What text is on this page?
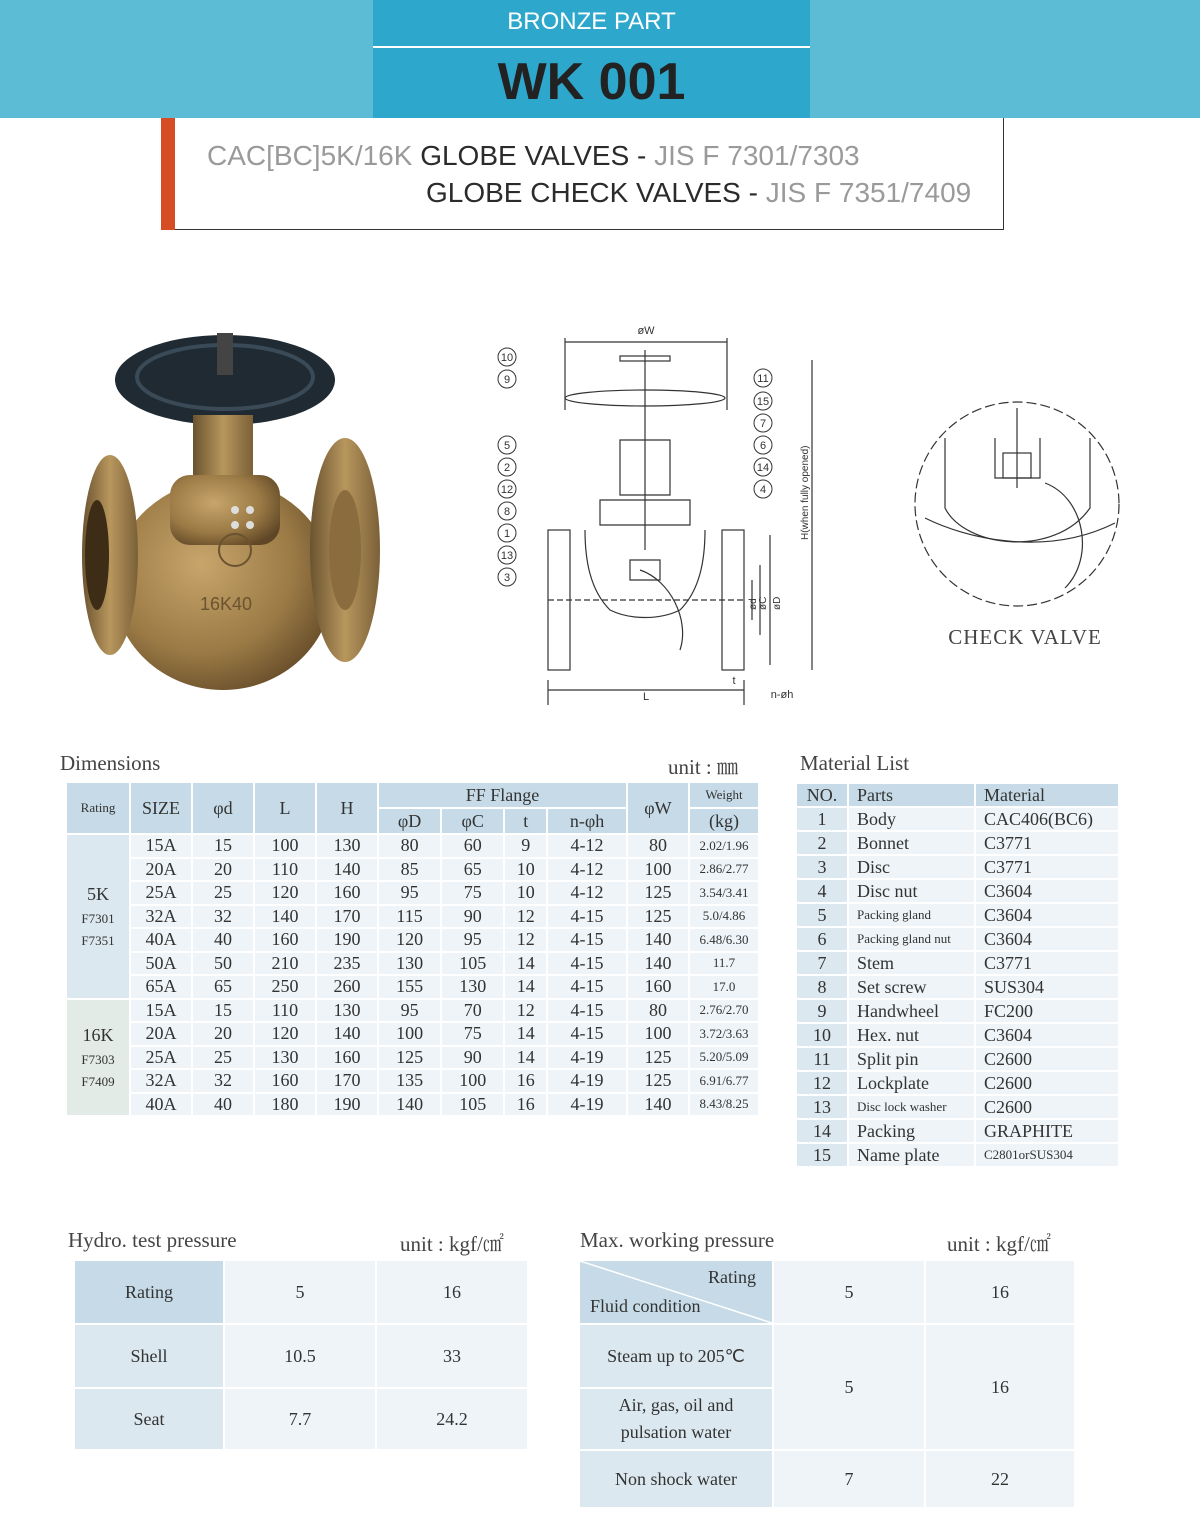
BRONZE PART
WK 001
CAC[BC]5K/16K GLOBE VALVES - JIS F 7301/7303
GLOBE CHECK VALVES - JIS F 7351/7409
16K40
10
9
5
2
12
8
1
13
3
11
15
7
6
14
4
øW
L
t
n-øh
H(when fully opened)
ød øC øD
CHECK VALVE
Dimensions	unit : ㎜
Rating	SIZE	φd	L	H	FF Flange				φW	Weight
					φD	φC	t	n-φh		(kg)

5K
F7301
F7351	15A	15	100	130	80	60	9	4-12	80	2.02/1.96
	20A	20	110	140	85	65	10	4-12	100	2.86/2.77
	25A	25	120	160	95	75	10	4-12	125	3.54/3.41
	32A	32	140	170	115	90	12	4-15	125	5.0/4.86
	40A	40	160	190	120	95	12	4-15	140	6.48/6.30
	50A	50	210	235	130	105	14	4-15	140	11.7
	65A	65	250	260	155	130	14	4-15	160	17.0

16K
F7303
F7409	15A	15	110	130	95	70	12	4-15	80	2.76/2.70
	20A	20	120	140	100	75	14	4-15	100	3.72/3.63
	25A	25	130	160	125	90	14	4-19	125	5.20/5.09
	32A	32	160	170	135	100	16	4-19	125	6.91/6.77
	40A	40	180	190	140	105	16	4-19	140	8.43/8.25
Material List
NO.	Parts	Material
1	Body	CAC406(BC6)
2	Bonnet	C3771
3	Disc	C3771
4	Disc nut	C3604
5	Packing gland	C3604
6	Packing gland nut	C3604
7	Stem	C3771
8	Set screw	SUS304
9	Handwheel	FC200
10	Hex. nut	C3604
11	Split pin	C2600
12	Lockplate	C2600
13	Disc lock washer	C2600
14	Packing	GRAPHITE
15	Name plate	C2801orSUS304
Hydro. test pressure	unit : kgf/㎠
Rating	5	16
Shell	10.5	33
Seat	7.7	24.2
Max. working pressure	unit : kgf/㎠
Rating
Fluid condition	5	16
Steam up to 205℃	5	16

Air, gas, oil and
pulsation water		

Non shock water	7	22
